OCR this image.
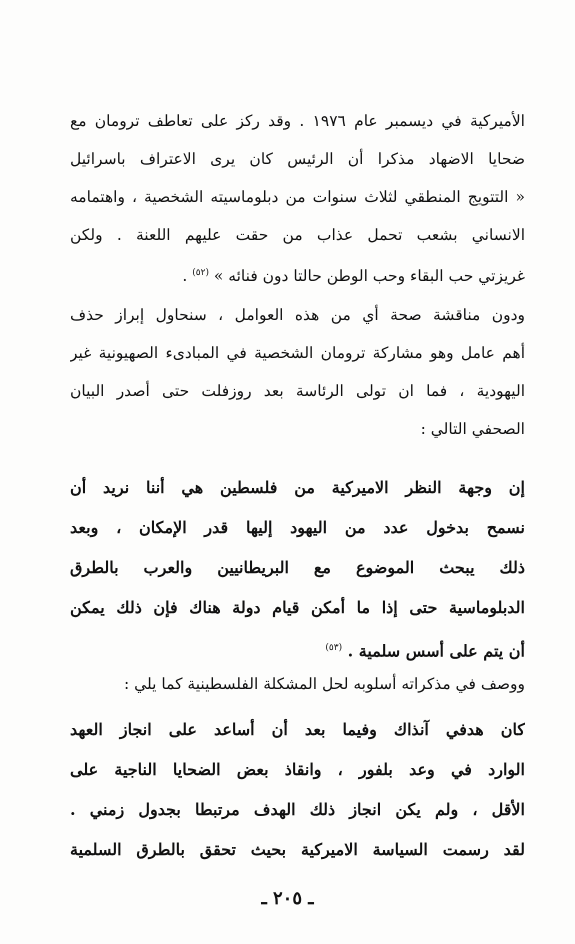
الأميركية في ديسمبر عام ١٩٧٦ . وقد ركز على تعاطف ترومان مع
ضحايا الاضهاد مذكرا أن الرئيس كان يرى الاعتراف باسرائيل
« التتويج المنطقي لثلاث سنوات من دبلوماسيته الشخصية ، واهتمامه
الانساني بشعب تحمل عذاب من حقت عليهم اللعنة . ولكن
غريزتي حب البقاء وحب الوطن حالتا دون فنائه » $^{(٥٢)}$ .
ودون مناقشة صحة أي من هذه العوامل ، سنحاول إبراز حذف
أهم عامل وهو مشاركة ترومان الشخصية في المبادىء الصهيونية غير
اليهودية ، فما ان تولى الرئاسة بعد روزفلت حتى أصدر البيان
الصحفي التالي :
إن وجهة النظر الاميركية من فلسطين هي أننا نريد أن
نسمح بدخول عدد من اليهود إليها قدر الإمكان ، وبعد
ذلك يبحث الموضوع مع البريطانيين والعرب بالطرق
الدبلوماسية حتى إذا ما أمكن قيام دولة هناك فإن ذلك يمكن
أن يتم على أسس سلمية . $^{(٥٣)}$
ووصف في مذكراته أسلوبه لحل المشكلة الفلسطينية كما يلي :
كان هدفي آنذاك وفيما بعد أن أساعد على انجاز العهد
الوارد في وعد بلفور ، وانقاذ بعض الضحايا الناجية على
الأقل ، ولم يكن انجاز ذلك الهدف مرتبطا بجدول زمني .
لقد رسمت السياسة الاميركية بحيث تحقق بالطرق السلمية
ـ ٢٠٥ ـ
